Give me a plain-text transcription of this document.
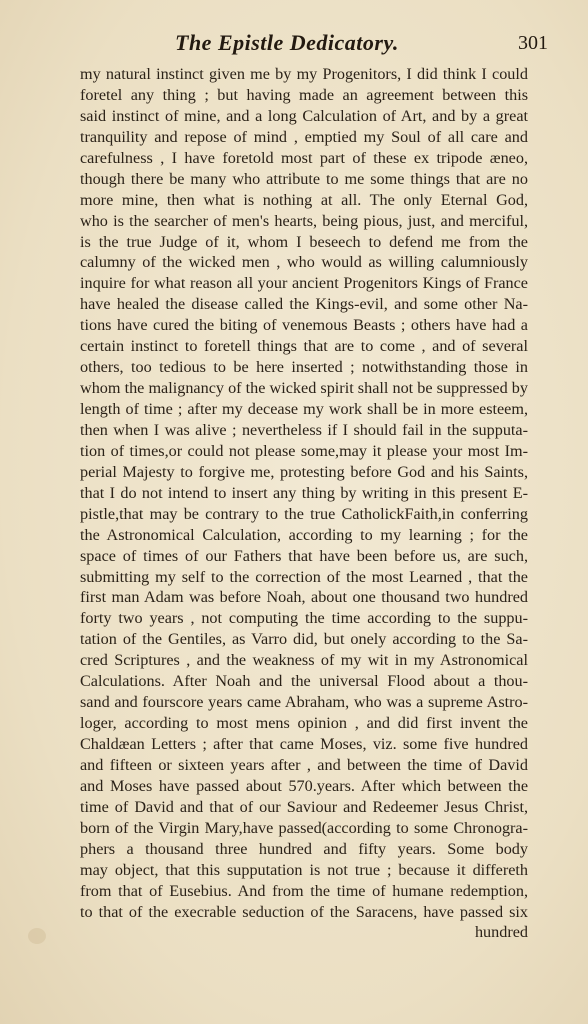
The Epistle Dedicatory.	301
my natural instinct given me by my Progenitors, I did think I could
foretel any thing ; but having made an agreement between this
said instinct of mine, and a long Calculation of Art, and by a great
tranquility and repose of mind , emptied my Soul of all care and
carefulness , I have foretold most part of these ex tripode æneo,
though there be many who attribute to me some things that are no
more mine, then what is nothing at all. The only Eternal God,
who is the searcher of men's hearts, being pious, just, and merciful,
is the true Judge of it, whom I beseech to defend me from the
calumny of the wicked men , who would as willing calumniously
inquire for what reason all your ancient Progenitors Kings of France
have healed the disease called the Kings-evil, and some other Na-
tions have cured the biting of venemous Beasts ; others have had a
certain instinct to foretell things that are to come , and of several
others, too tedious to be here inserted ; notwithstanding those in
whom the malignancy of the wicked spirit shall not be suppressed by
length of time ; after my decease my work shall be in more esteem,
then when I was alive ; nevertheless if I should fail in the supputa-
tion of times,or could not please some,may it please your most Im-
perial Majesty to forgive me, protesting before God and his Saints,
that I do not intend to insert any thing by writing in this present E-
pistle,that may be contrary to the true CatholickFaith,in conferring
the Astronomical Calculation, according to my learning ; for the
space of times of our Fathers that have been before us, are such,
submitting my self to the correction of the most Learned , that the
first man Adam was before Noah, about one thousand two hundred
forty two years , not computing the time according to the suppu-
tation of the Gentiles, as Varro did, but onely according to the Sa-
cred Scriptures , and the weakness of my wit in my Astronomical
Calculations. After Noah and the universal Flood about a thou-
sand and fourscore years came Abraham, who was a supreme Astro-
loger, according to most mens opinion , and did first invent the
Chaldæan Letters ; after that came Moses, viz. some five hundred
and fifteen or sixteen years after , and between the time of David
and Moses have passed about 570.years. After which between the
time of David and that of our Saviour and Redeemer Jesus Christ,
born of the Virgin Mary,have passed(according to some Chronogra-
phers a thousand three hundred and fifty years. Some body
may object, that this supputation is not true ; because it differeth
from that of Eusebius. And from the time of humane redemption,
to that of the execrable seduction of the Saracens, have passed six
hundred
